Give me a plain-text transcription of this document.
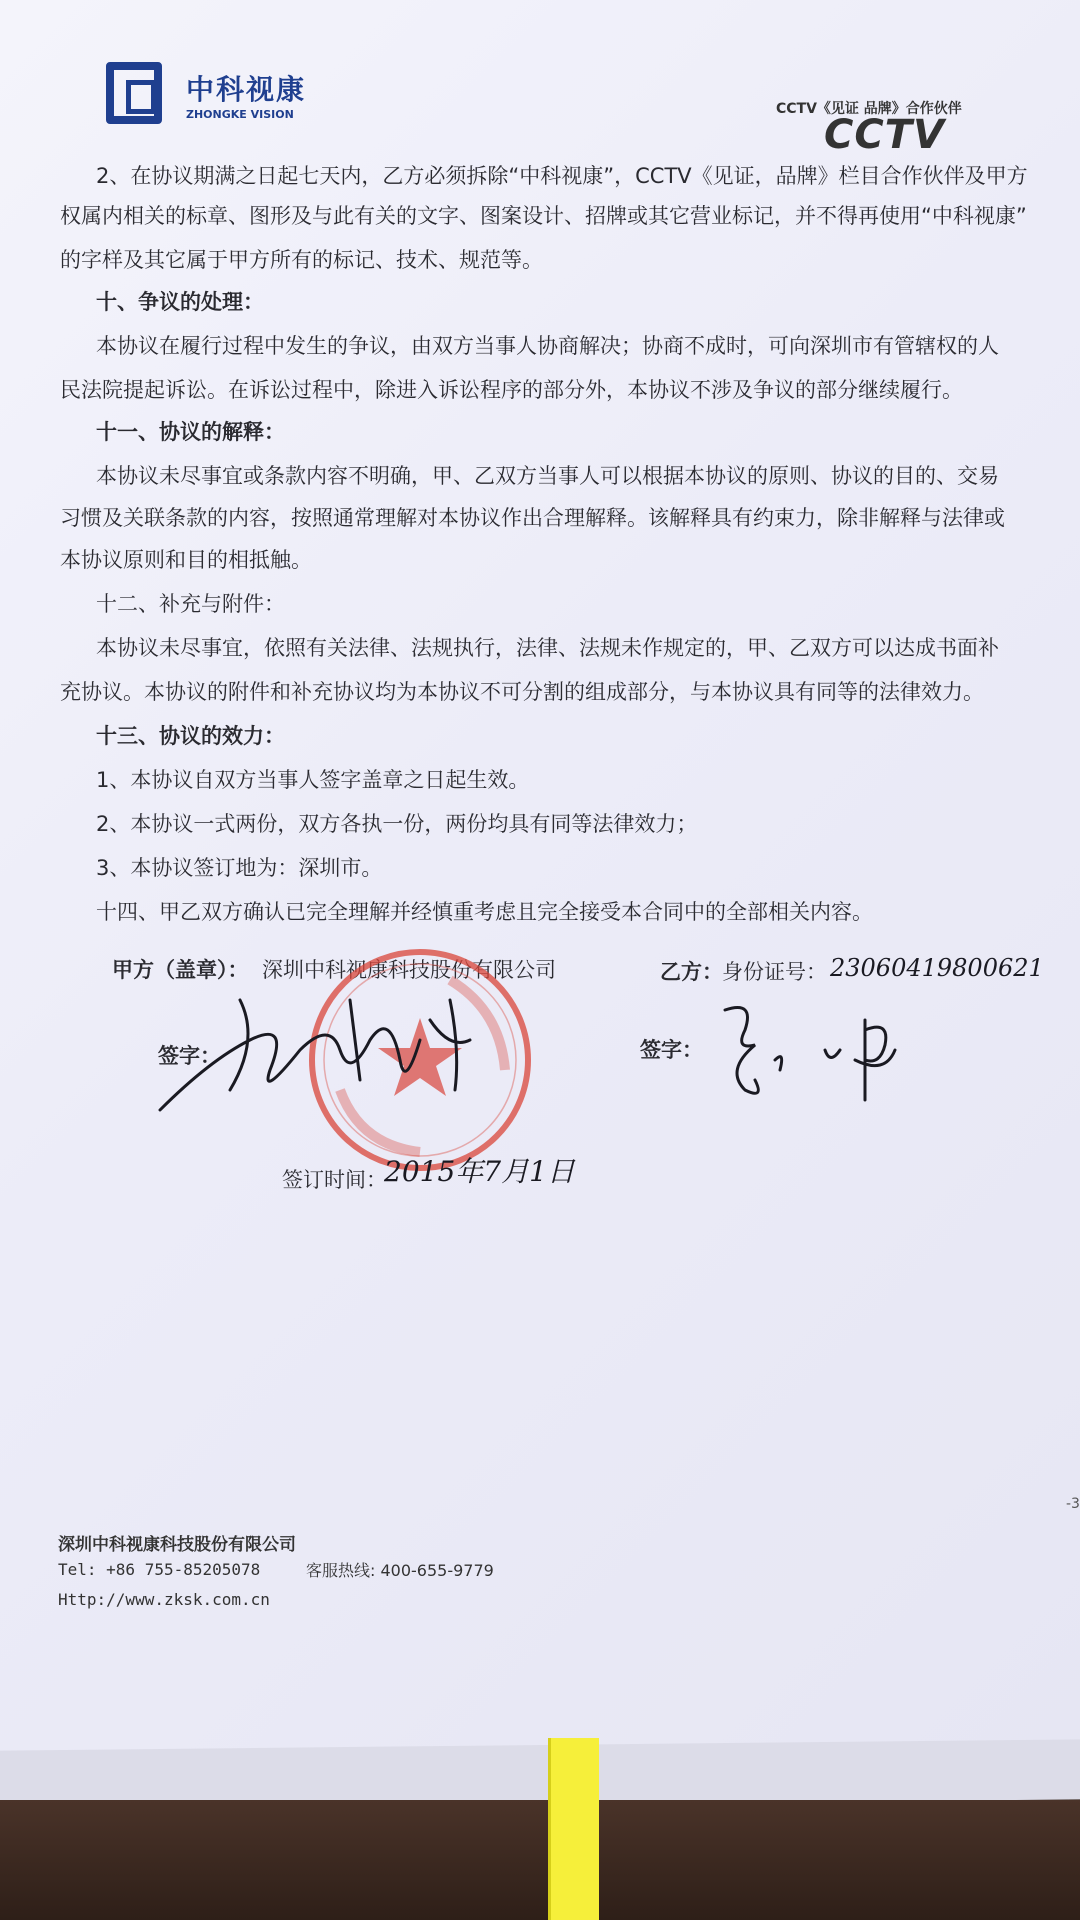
中科视康
ZHONGKE VISION	CCTV《见证 品牌》合作伙伴
CCTV
2、在协议期满之日起七天内，乙方必须拆除“中科视康”，CCTV《见证，品牌》栏目合作伙伴及甲方
权属内相关的标章、图形及与此有关的文字、图案设计、招牌或其它营业标记，并不得再使用“中科视康”
的字样及其它属于甲方所有的标记、技术、规范等。
十、争议的处理：
本协议在履行过程中发生的争议，由双方当事人协商解决；协商不成时，可向深圳市有管辖权的人
民法院提起诉讼。在诉讼过程中，除进入诉讼程序的部分外，本协议不涉及争议的部分继续履行。
十一、协议的解释：
本协议未尽事宜或条款内容不明确，甲、乙双方当事人可以根据本协议的原则、协议的目的、交易
习惯及关联条款的内容，按照通常理解对本协议作出合理解释。该解释具有约束力，除非解释与法律或
本协议原则和目的相抵触。
十二、补充与附件：
本协议未尽事宜，依照有关法律、法规执行，法律、法规未作规定的，甲、乙双方可以达成书面补
充协议。本协议的附件和补充协议均为本协议不可分割的组成部分，与本协议具有同等的法律效力。
十三、协议的效力：
1、本协议自双方当事人签字盖章之日起生效。
2、本协议一式两份，双方各执一份，两份均具有同等法律效力；
3、本协议签订地为：深圳市。
十四、甲乙双方确认已完全理解并经慎重考虑且完全接受本合同中的全部相关内容。
甲方（盖章）： 深圳中科视康科技股份有限公司	乙方： 身份证号： 23060419800621
签字：	签字：
签订时间：
2015年7月1日
-3
深圳中科视康科技股份有限公司
Tel: +86 755-85205078	客服热线: 400-655-9779
Http://www.zksk.com.cn
